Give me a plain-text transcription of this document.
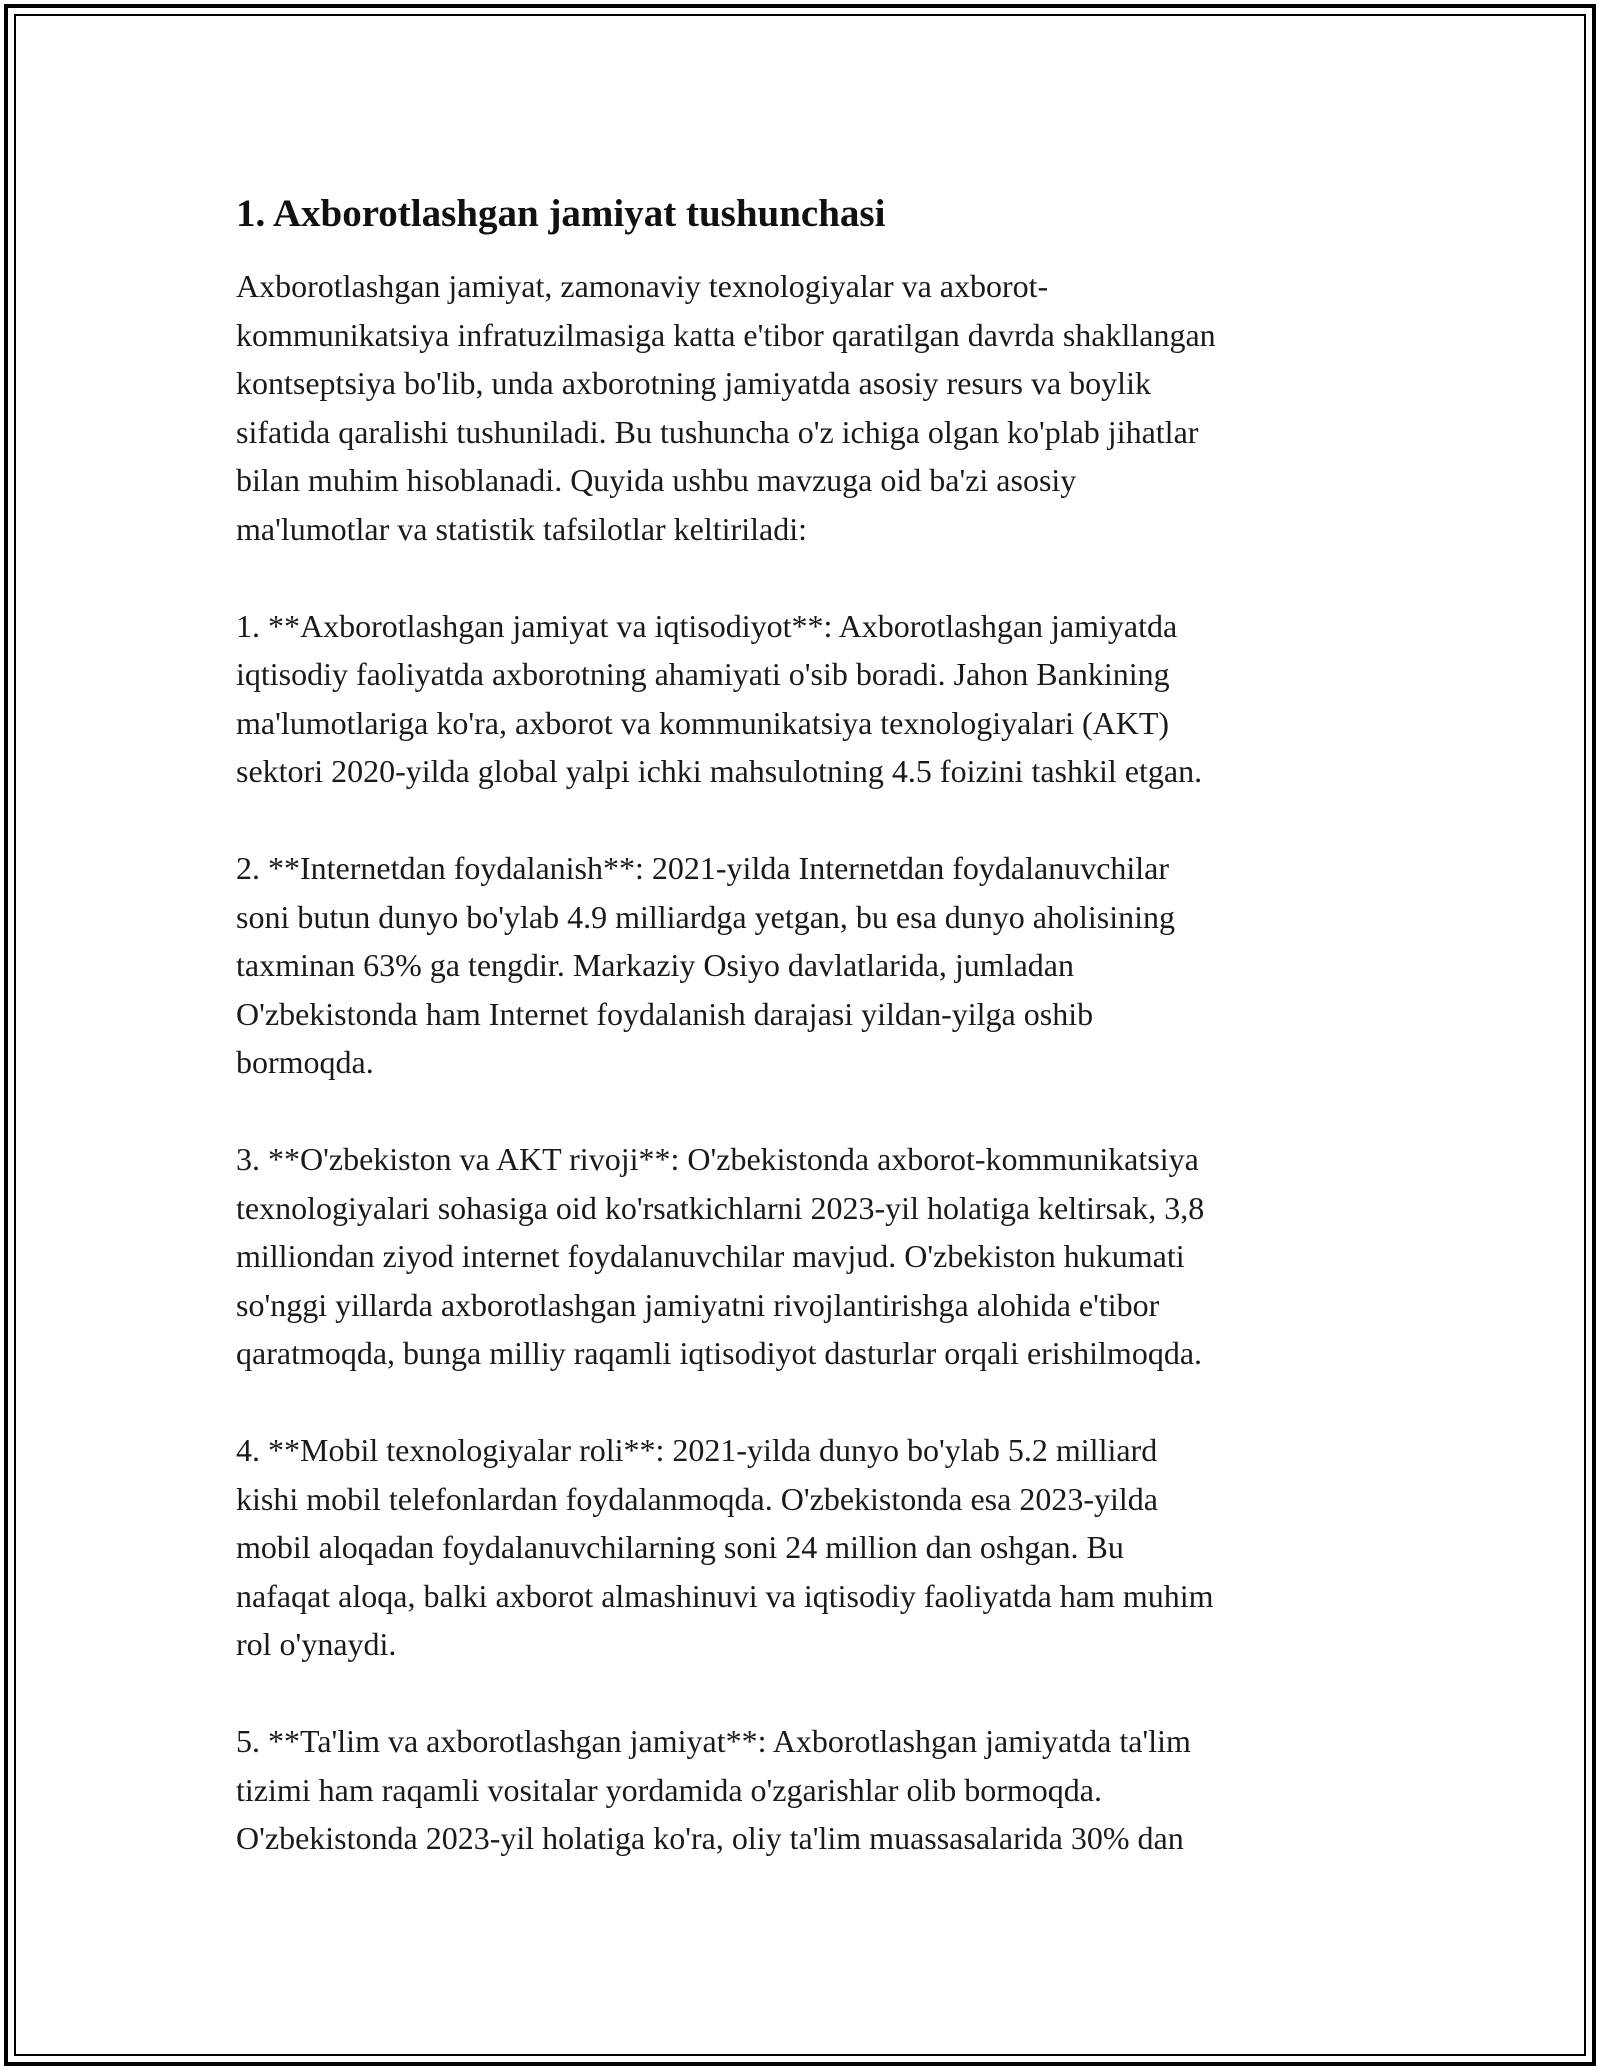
1. Axborotlashgan jamiyat tushunchasi

Axborotlashgan jamiyat, zamonaviy texnologiyalar va axborot-
kommunikatsiya infratuzilmasiga katta e'tibor qaratilgan davrda shakllangan
kontseptsiya bo'lib, unda axborotning jamiyatda asosiy resurs va boylik
sifatida qaralishi tushuniladi. Bu tushuncha o'z ichiga olgan ko'plab jihatlar
bilan muhim hisoblanadi. Quyida ushbu mavzuga oid ba'zi asosiy
ma'lumotlar va statistik tafsilotlar keltiriladi:

1. **Axborotlashgan jamiyat va iqtisodiyot**: Axborotlashgan jamiyatda
iqtisodiy faoliyatda axborotning ahamiyati o'sib boradi. Jahon Bankining
ma'lumotlariga ko'ra, axborot va kommunikatsiya texnologiyalari (AKT)
sektori 2020-yilda global yalpi ichki mahsulotning 4.5 foizini tashkil etgan.

2. **Internetdan foydalanish**: 2021-yilda Internetdan foydalanuvchilar
soni butun dunyo bo'ylab 4.9 milliardga yetgan, bu esa dunyo aholisining
taxminan 63% ga tengdir. Markaziy Osiyo davlatlarida, jumladan
O'zbekistonda ham Internet foydalanish darajasi yildan-yilga oshib
bormoqda.

3. **O'zbekiston va AKT rivoji**: O'zbekistonda axborot-kommunikatsiya
texnologiyalari sohasiga oid ko'rsatkichlarni 2023-yil holatiga keltirsak, 3,8
milliondan ziyod internet foydalanuvchilar mavjud. O'zbekiston hukumati
so'nggi yillarda axborotlashgan jamiyatni rivojlantirishga alohida e'tibor
qaratmoqda, bunga milliy raqamli iqtisodiyot dasturlar orqali erishilmoqda.

4. **Mobil texnologiyalar roli**: 2021-yilda dunyo bo'ylab 5.2 milliard
kishi mobil telefonlardan foydalanmoqda. O'zbekistonda esa 2023-yilda
mobil aloqadan foydalanuvchilarning soni 24 million dan oshgan. Bu
nafaqat aloqa, balki axborot almashinuvi va iqtisodiy faoliyatda ham muhim
rol o'ynaydi.

5. **Ta'lim va axborotlashgan jamiyat**: Axborotlashgan jamiyatda ta'lim
tizimi ham raqamli vositalar yordamida o'zgarishlar olib bormoqda.
O'zbekistonda 2023-yil holatiga ko'ra, oliy ta'lim muassasalarida 30% dan
